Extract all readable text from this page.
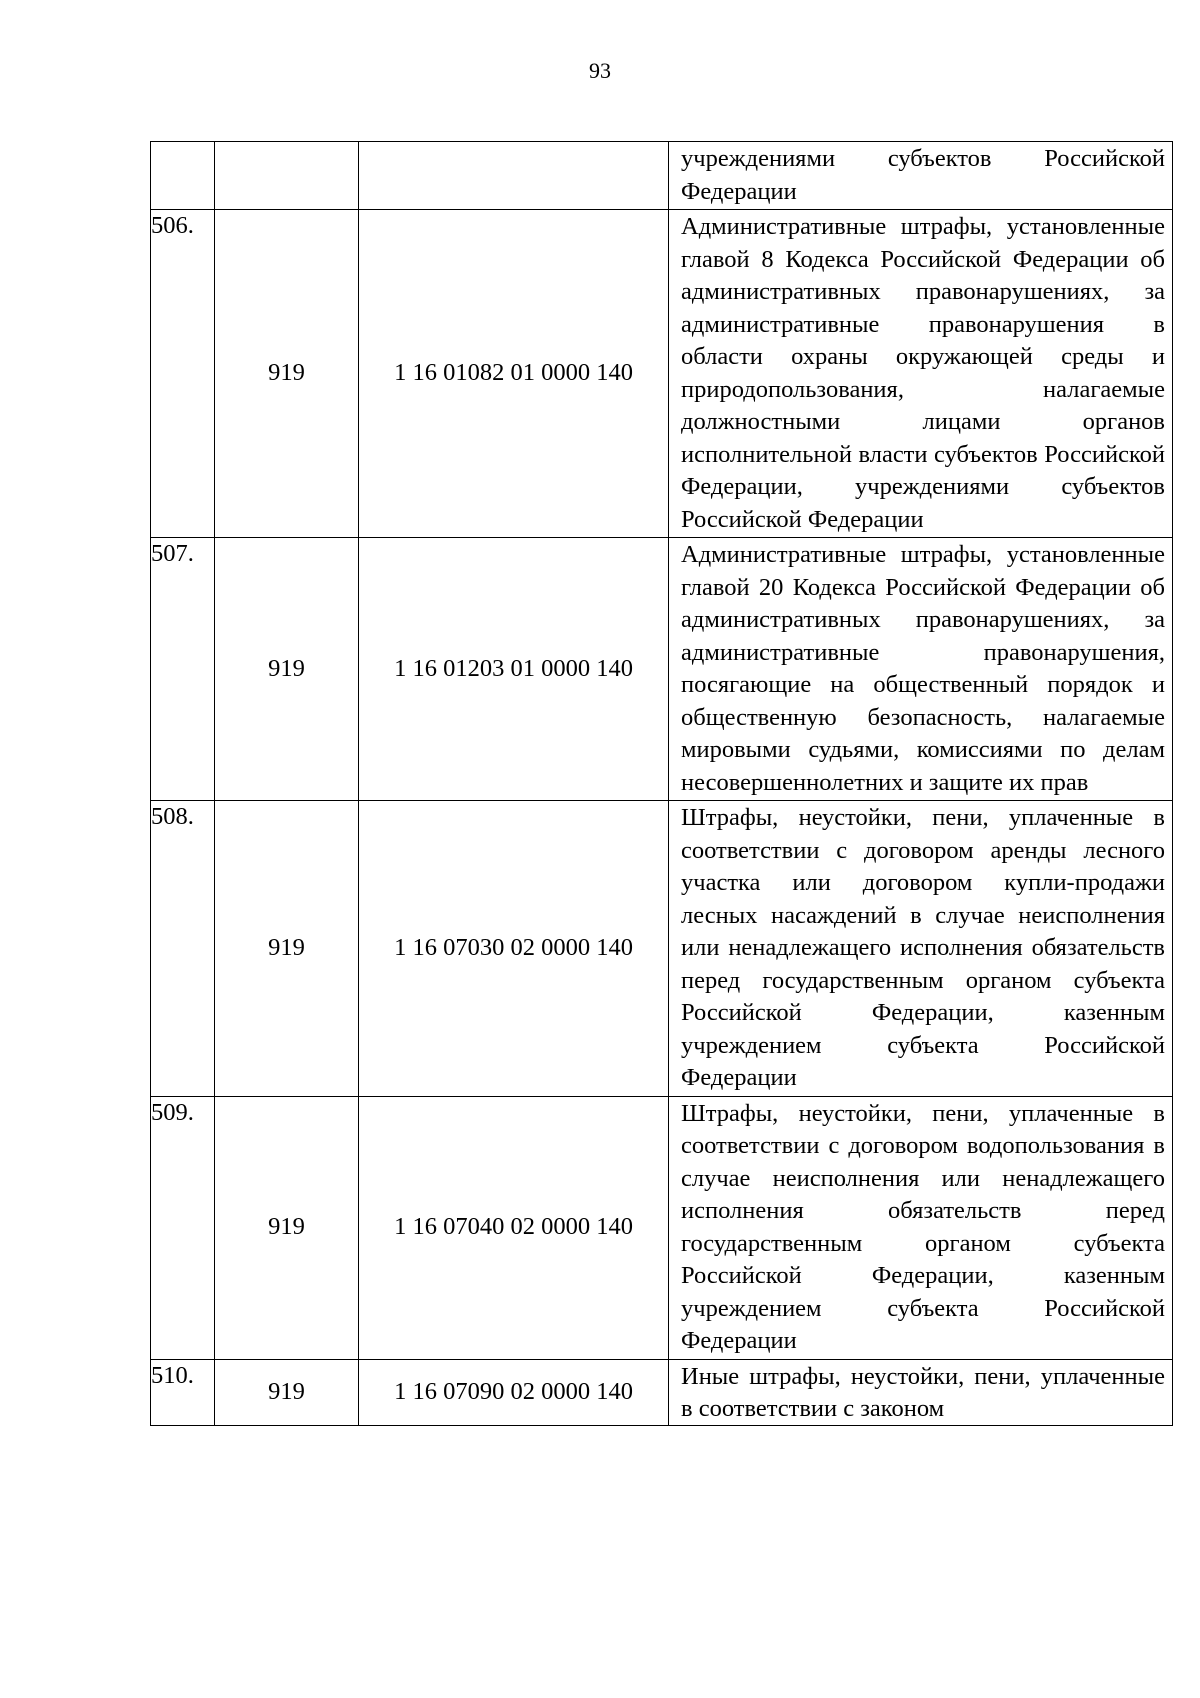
93
			учреждениями субъектов Российской Федерации
506.	919	1 16 01082 01 0000 140	Административные штрафы, установленные главой 8 Кодекса Российской Федерации об административных правонарушениях, за административные правонарушения в области охраны окружающей среды и природопользования, налагаемые должностными лицами органов исполнительной власти субъектов Российской Федерации, учреждениями субъектов Российской Федерации
507.	919	1 16 01203 01 0000 140	Административные штрафы, установленные главой 20 Кодекса Российской Федерации об административных правонарушениях, за административные правонарушения, посягающие на общественный порядок и общественную безопасность, налагаемые мировыми судьями, комиссиями по делам несовершеннолетних и защите их прав
508.	919	1 16 07030 02 0000 140	Штрафы, неустойки, пени, уплаченные в соответствии с договором аренды лесного участка или договором купли-продажи лесных насаждений в случае неисполнения или ненадлежащего исполнения обязательств перед государственным органом субъекта Российской Федерации, казенным учреждением субъекта Российской Федерации
509.	919	1 16 07040 02 0000 140	Штрафы, неустойки, пени, уплаченные в соответствии с договором водопользования в случае неисполнения или ненадлежащего исполнения обязательств перед государственным органом субъекта Российской Федерации, казенным учреждением субъекта Российской Федерации
510.	919	1 16 07090 02 0000 140	Иные штрафы, неустойки, пени, уплаченные в соответствии с законом
